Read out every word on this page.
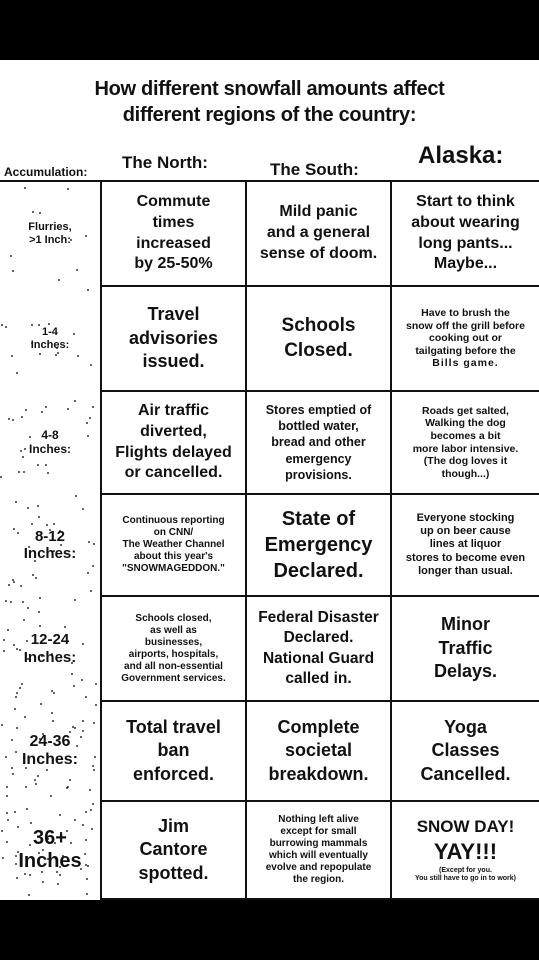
How different snowfall amounts affect
different regions of the country:
Accumulation: The North:	The South:
Alaska:
Flurries,
>1 Inch:
Commute
times
increased
by 25-50%
Mild panic
and a general
sense of doom.
Start to think
about wearing
long pants...
Maybe...
1-4
Inches:
Travel
advisories
issued.
Schools
Closed.
Have to brush the
snow off the grill before
cooking out or
tailgating before the
Bills game.
4-8
Inches:
Air traffic
diverted,
Flights delayed
or cancelled.
Stores emptied of
bottled water,
bread and other
emergency
provisions.
Roads get salted,
Walking the dog
becomes a bit
more labor intensive.
(The dog loves it
though...)
8-12
Inches:
Continuous reporting
on CNN/
The Weather Channel
about this year's
"SNOWMAGEDDON."
State of
Emergency
Declared.
Everyone stocking
up on beer cause
lines at liquor
stores to become even
longer than usual.
12-24
Inches:
Schools closed,
as well as
businesses,
airports, hospitals,
and all non-essential
Government services.
Federal Disaster
Declared.
National Guard
called in.
Minor
Traffic
Delays.
24-36
Inches:
Total travel
ban
enforced.
Complete
societal
breakdown.
Yoga
Classes
Cancelled.
36+
Inches
Jim
Cantore
spotted.
Nothing left alive
except for small
burrowing mammals
which will eventually
evolve and repopulate
the region.
SNOW DAY!
YAY!!!
(Except for you.
You still have to go in to work)
